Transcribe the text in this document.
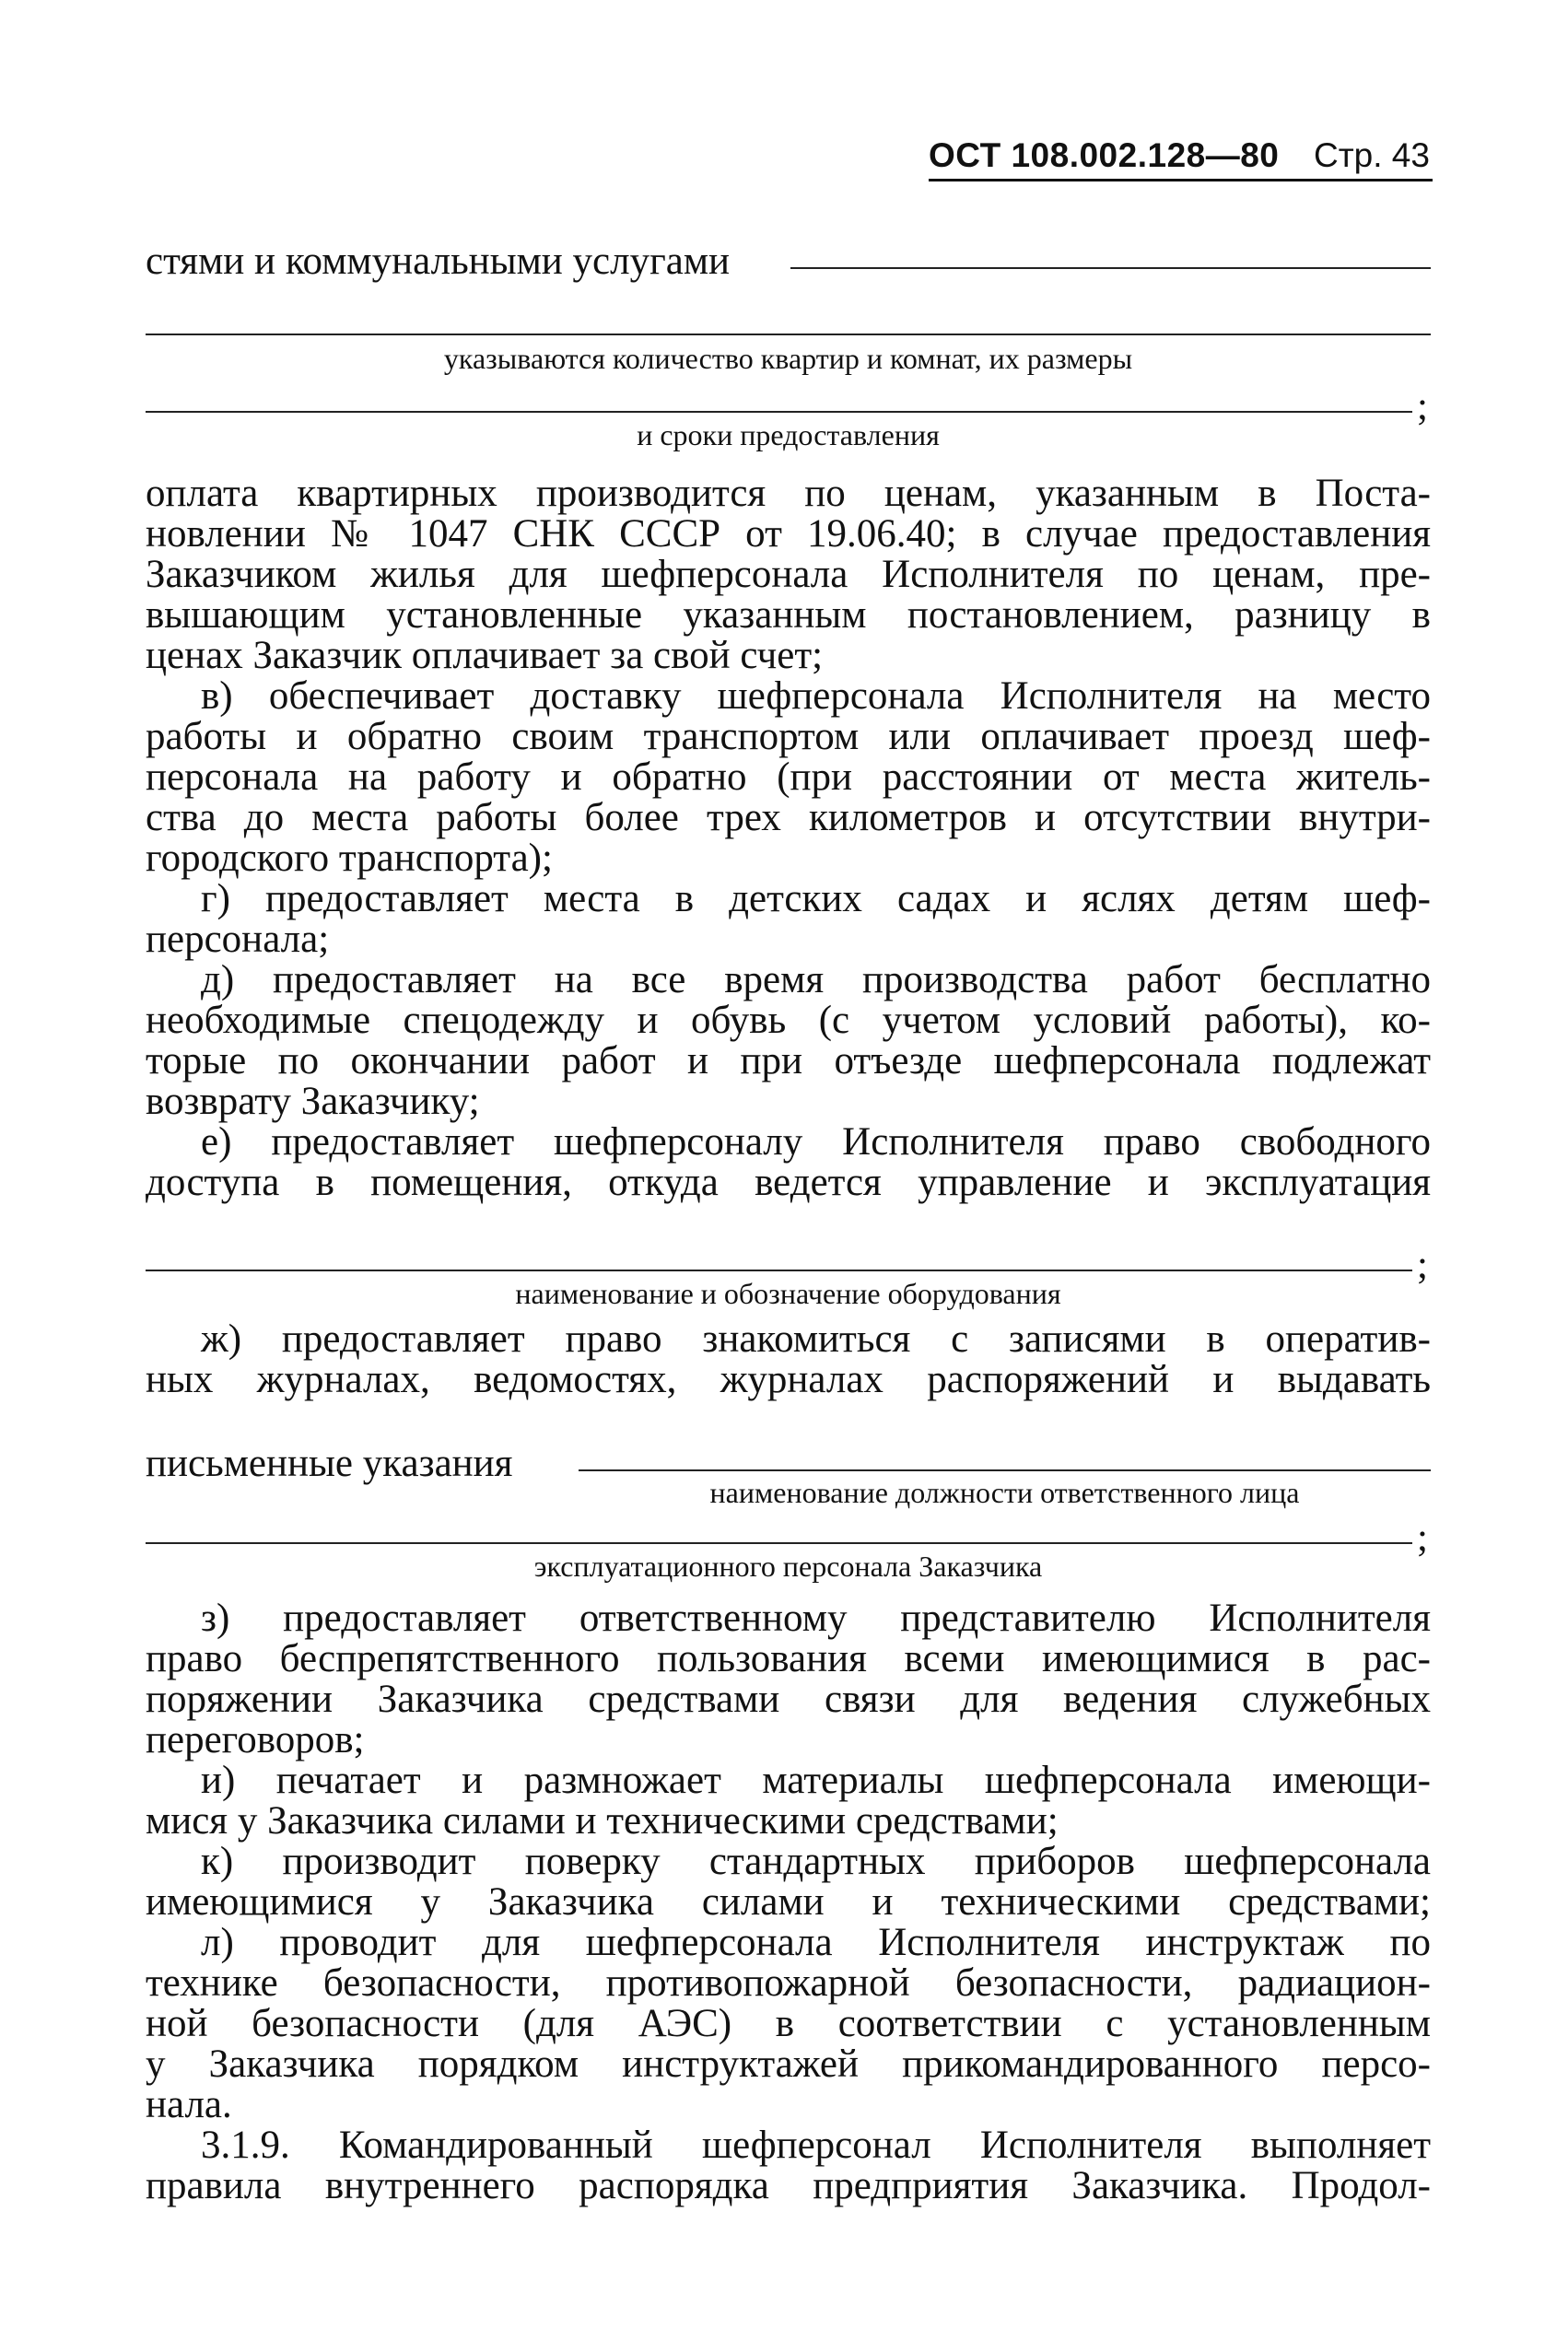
ОСТ 108.002.128—80 Стр. 43
стями и коммунальными услугами
указываются количество квартир и комнат, их размеры
;
и сроки предоставления
оплата квартирных производится по ценам, указанным в Поста-
новлении № 1047 СНК СССР от 19.06.40; в случае предоставления
Заказчиком жилья для шефперсонала Исполнителя по ценам, пре-
вышающим установленные указанным постановлением, разницу в
ценах Заказчик оплачивает за свой счет;
в) обеспечивает доставку шефперсонала Исполнителя на место
работы и обратно своим транспортом или оплачивает проезд шеф-
персонала на работу и обратно (при расстоянии от места житель-
ства до места работы более трех километров и отсутствии внутри-
городского транспорта);
г) предоставляет места в детских садах и яслях детям шеф-
персонала;
д) предоставляет на все время производства работ бесплатно
необходимые спецодежду и обувь (с учетом условий работы), ко-
торые по окончании работ и при отъезде шефперсонала подлежат
возврату Заказчику;
е) предоставляет шефперсоналу Исполнителя право свободного
доступа в помещения, откуда ведется управление и эксплуатация
;
наименование и обозначение оборудования
ж) предоставляет право знакомиться с записями в оператив-
ных журналах, ведомостях, журналах распоряжений и выдавать
письменные указания
наименование должности ответственного лица
;
эксплуатационного персонала Заказчика
з) предоставляет ответственному представителю Исполнителя
право беспрепятственного пользования всеми имеющимися в рас-
поряжении Заказчика средствами связи для ведения служебных
переговоров;
и) печатает и размножает материалы шефперсонала имеющи-
мися у Заказчика силами и техническими средствами;
к) производит поверку стандартных приборов шефперсонала
имеющимися у Заказчика силами и техническими средствами;
л) проводит для шефперсонала Исполнителя инструктаж по
технике безопасности, противопожарной безопасности, радиацион-
ной безопасности (для АЭС) в соответствии с установленным
у Заказчика порядком инструктажей прикомандированного персо-
нала.
3.1.9. Командированный шефперсонал Исполнителя выполняет
правила внутреннего распорядка предприятия Заказчика. Продол-
